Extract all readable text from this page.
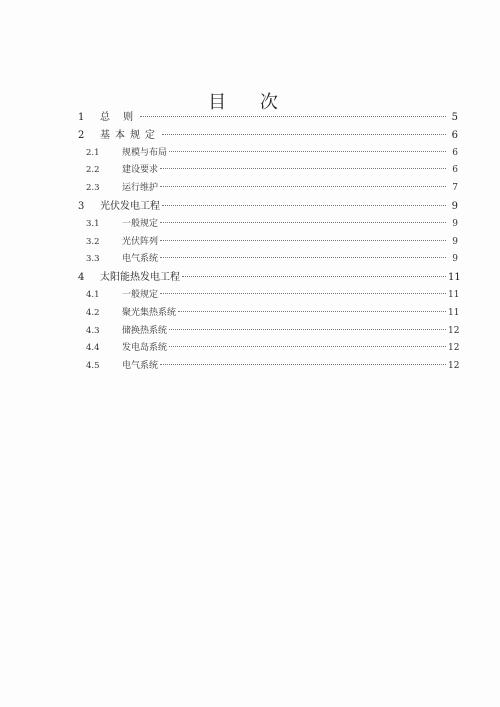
目 次
1	总 则	5
2	基本规定	6
2.1	规模与布局	6
2.2	建设要求	6
2.3	运行维护	7
3	光伏发电工程	9
3.1	一般规定	9
3.2	光伏阵列	9
3.3	电气系统	9
4	太阳能热发电工程	11
4.1	一般规定	11
4.2	聚光集热系统	11
4.3	储换热系统	12
4.4	发电岛系统	12
4.5	电气系统	12
